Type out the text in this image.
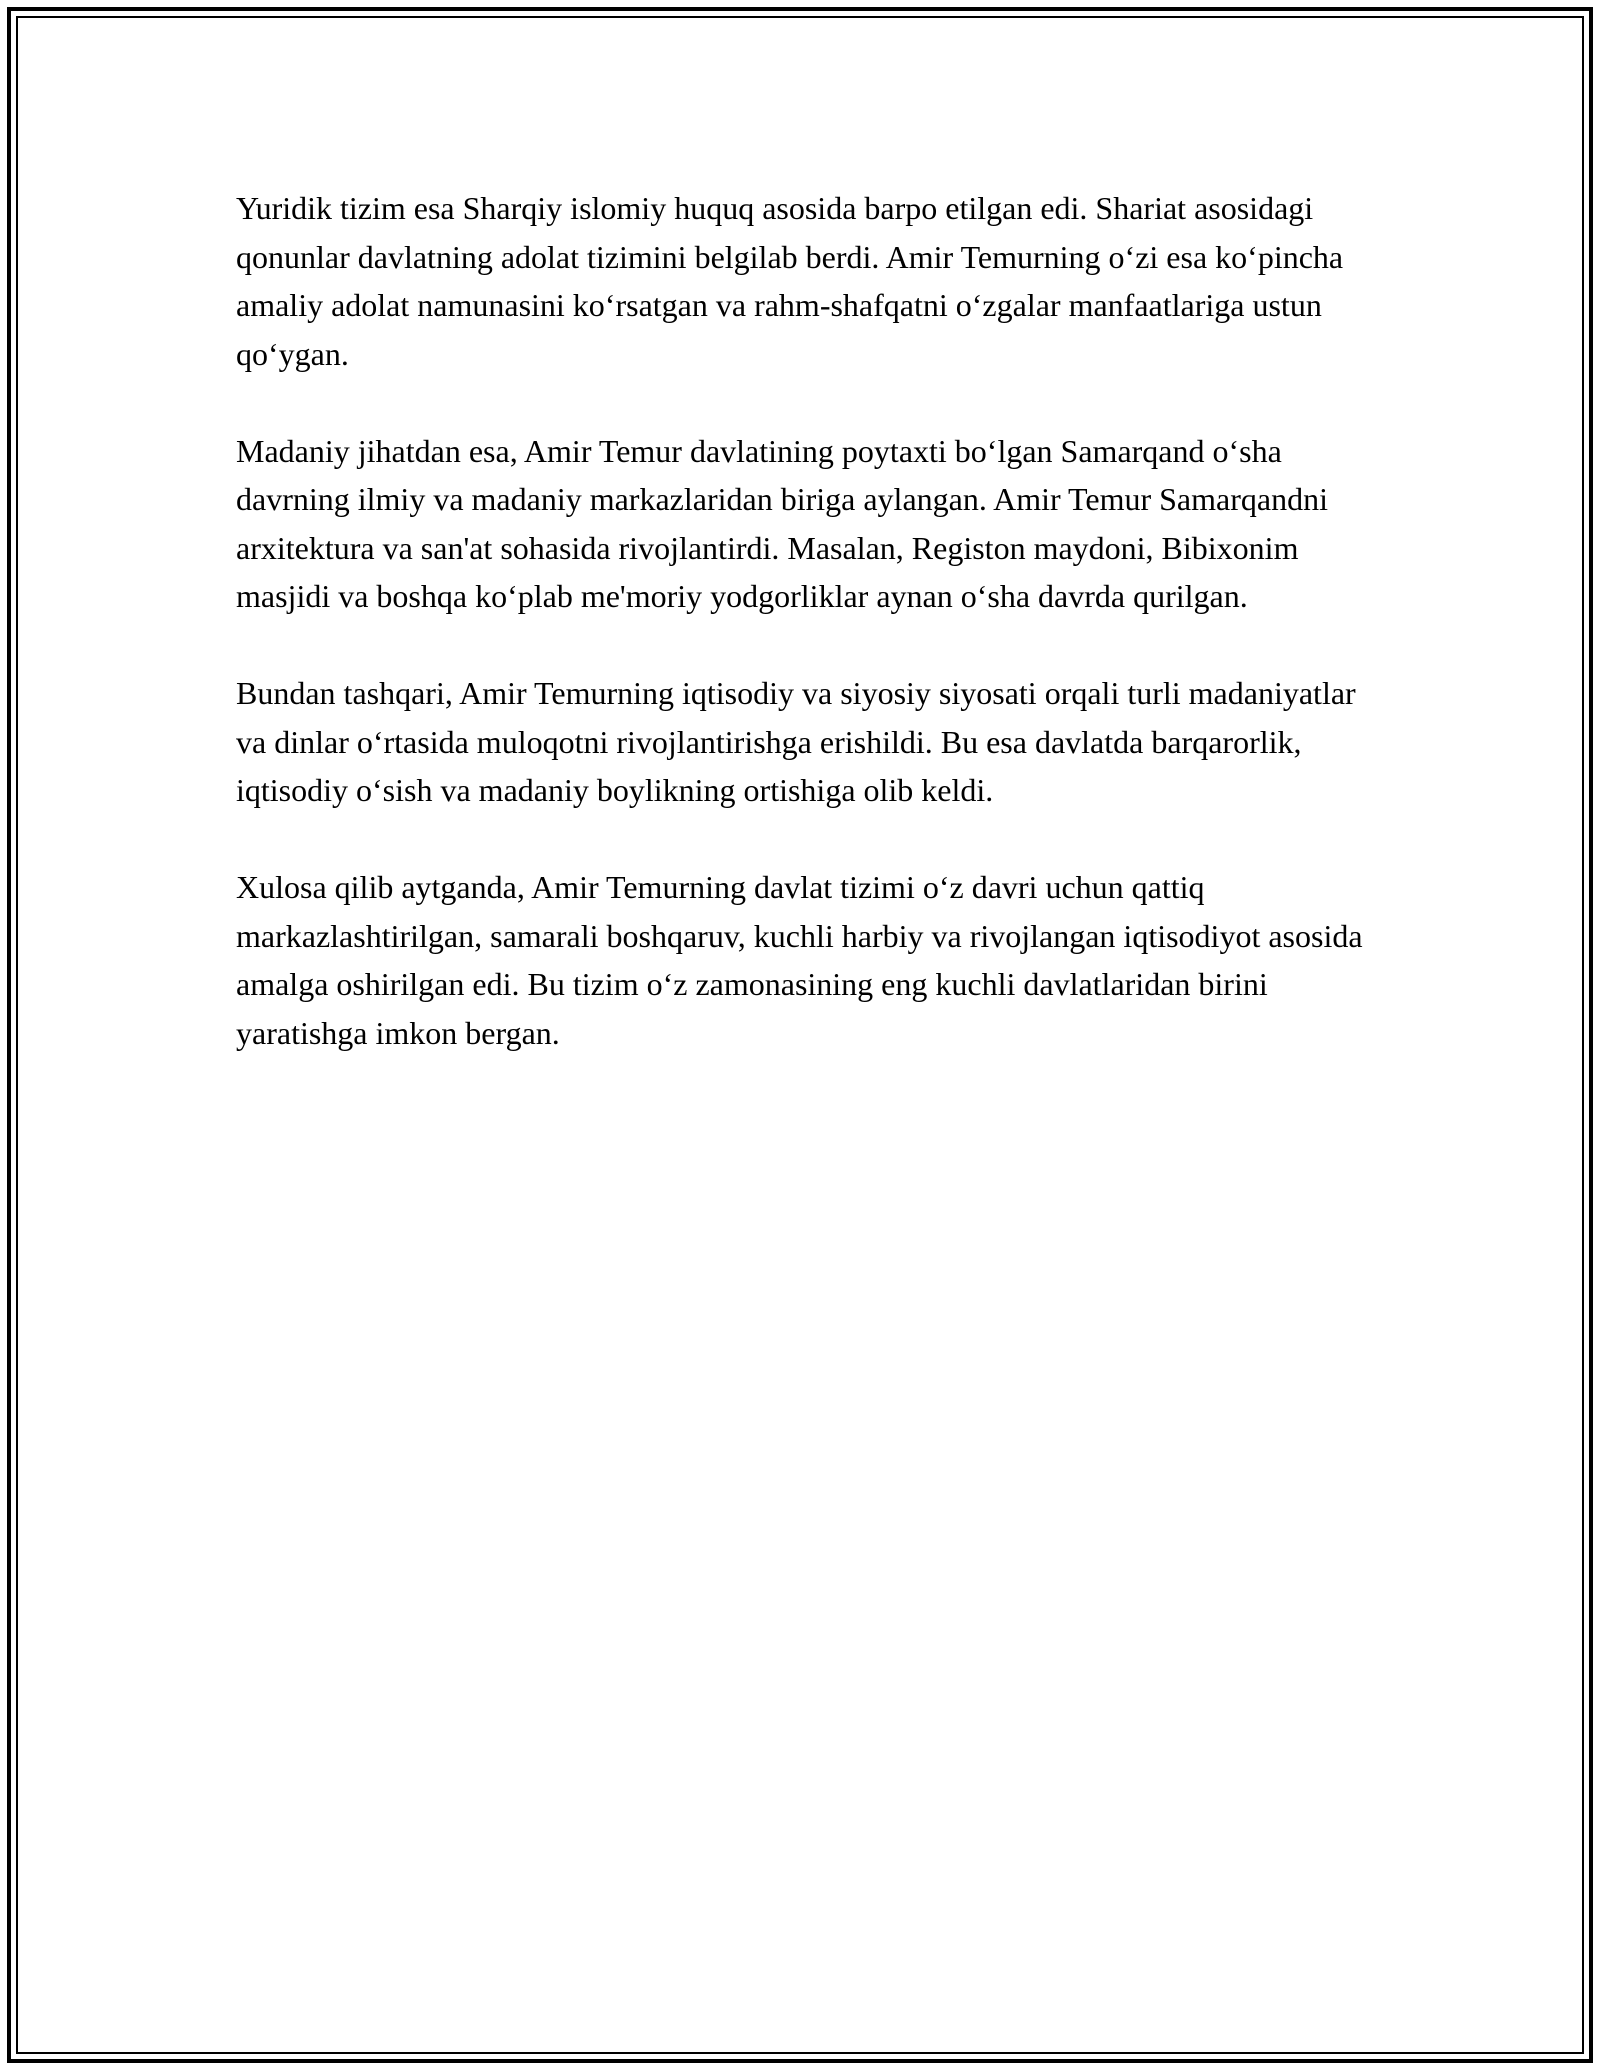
Yuridik tizim esa Sharqiy islomiy huquq asosida barpo etilgan edi. Shariat asosidagi qonunlar davlatning adolat tizimini belgilab berdi. Amir Temurning o‘zi esa ko‘pincha amaliy adolat namunasini ko‘rsatgan va rahm-shafqatni o‘zgalar manfaatlariga ustun qo‘ygan.

Madaniy jihatdan esa, Amir Temur davlatining poytaxti bo‘lgan Samarqand o‘sha davrning ilmiy va madaniy markazlaridan biriga aylangan. Amir Temur Samarqandni arxitektura va san'at sohasida rivojlantirdi. Masalan, Registon maydoni, Bibixonim masjidi va boshqa ko‘plab me'moriy yodgorliklar aynan o‘sha davrda qurilgan.

Bundan tashqari, Amir Temurning iqtisodiy va siyosiy siyosati orqali turli madaniyatlar va dinlar o‘rtasida muloqotni rivojlantirishga erishildi. Bu esa davlatda barqarorlik, iqtisodiy o‘sish va madaniy boylikning ortishiga olib keldi.

Xulosa qilib aytganda, Amir Temurning davlat tizimi o‘z davri uchun qattiq markazlashtirilgan, samarali boshqaruv, kuchli harbiy va rivojlangan iqtisodiyot asosida amalga oshirilgan edi. Bu tizim o‘z zamonasining eng kuchli davlatlaridan birini yaratishga imkon bergan.
